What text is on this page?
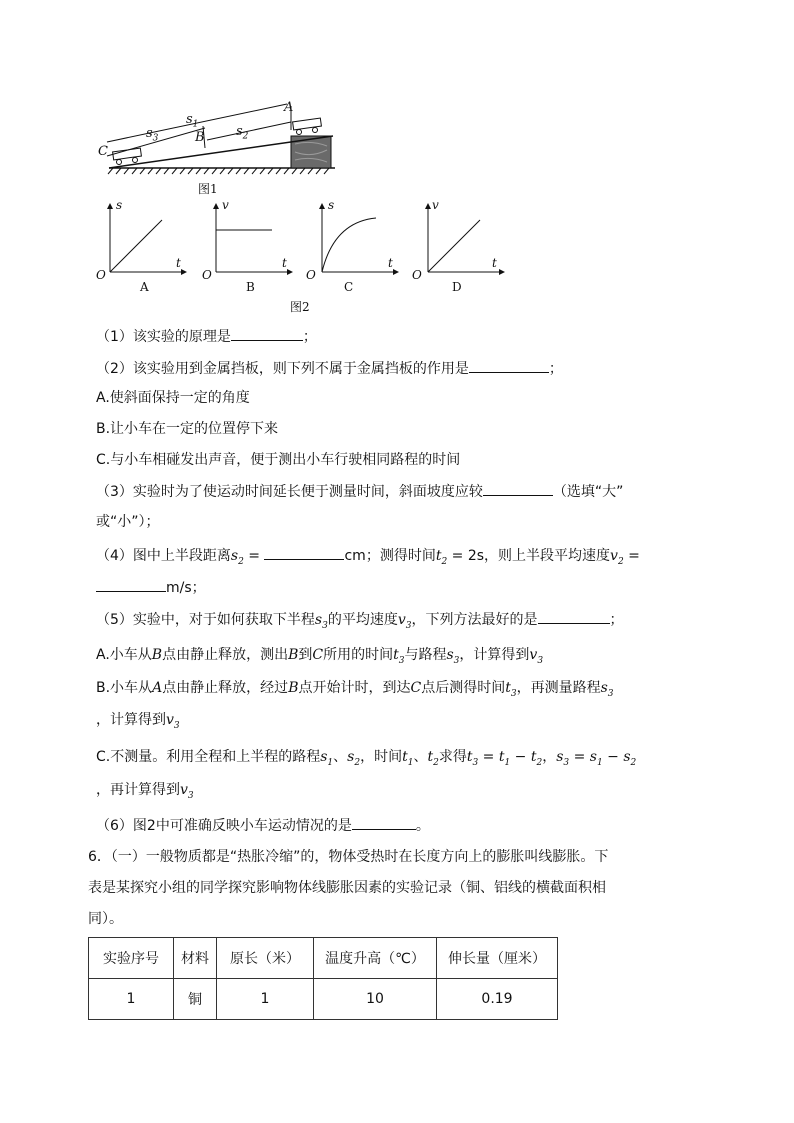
A
B
C
$s_1$	$s_2$
$s_3$
图1
s
t
O
v
t
O
s
t
O
v
t
O
A	B	C	D
图2
（1）该实验的原理是	；
（2）该实验用到金属挡板，则下列不属于金属挡板的作用是	；
A.使斜面保持一定的角度
B.让小车在一定的位置停下来
C.与小车相碰发出声音，便于测出小车行驶相同路程的时间
（3）实验时为了使运动时间延长便于测量时间，斜面坡度应较	（选填“大”
或“小”）；
（4）图中上半段距离$s_2$ =	cm；测得时间$t_2 = 2s$，则上半段平均速度$v_2$ =
m/s；
（5）实验中，对于如何获取下半程$s_3$的平均速度$v_3$，下列方法最好的是	；
A.小车从B点由静止释放，测出B到C所用的时间$t_3$与路程$s_3$，计算得到$v_3$
B.小车从A点由静止释放，经过B点开始计时，到达C点后测得时间$t_3$，再测量路程$s_3$
，计算得到$v_3$
C.不测量。利用全程和上半程的路程$s_1$、$s_2$，时间$t_1$、$t_2$求得$t_3 = t_1 - t_2$，$s_3 = s_1 - s_2$
，再计算得到$v_3$
（6）图2中可准确反映小车运动情况的是	。
6．（一）一般物质都是“热胀冷缩”的，物体受热时在长度方向上的膨胀叫线膨胀。下
表是某探究小组的同学探究影响物体线膨胀因素的实验记录（铜、铝线的横截面积相
同）。
实验序号	材料	原长（米）	温度升高（℃）	伸长量（厘米）
1	铜	1	10	0.19
